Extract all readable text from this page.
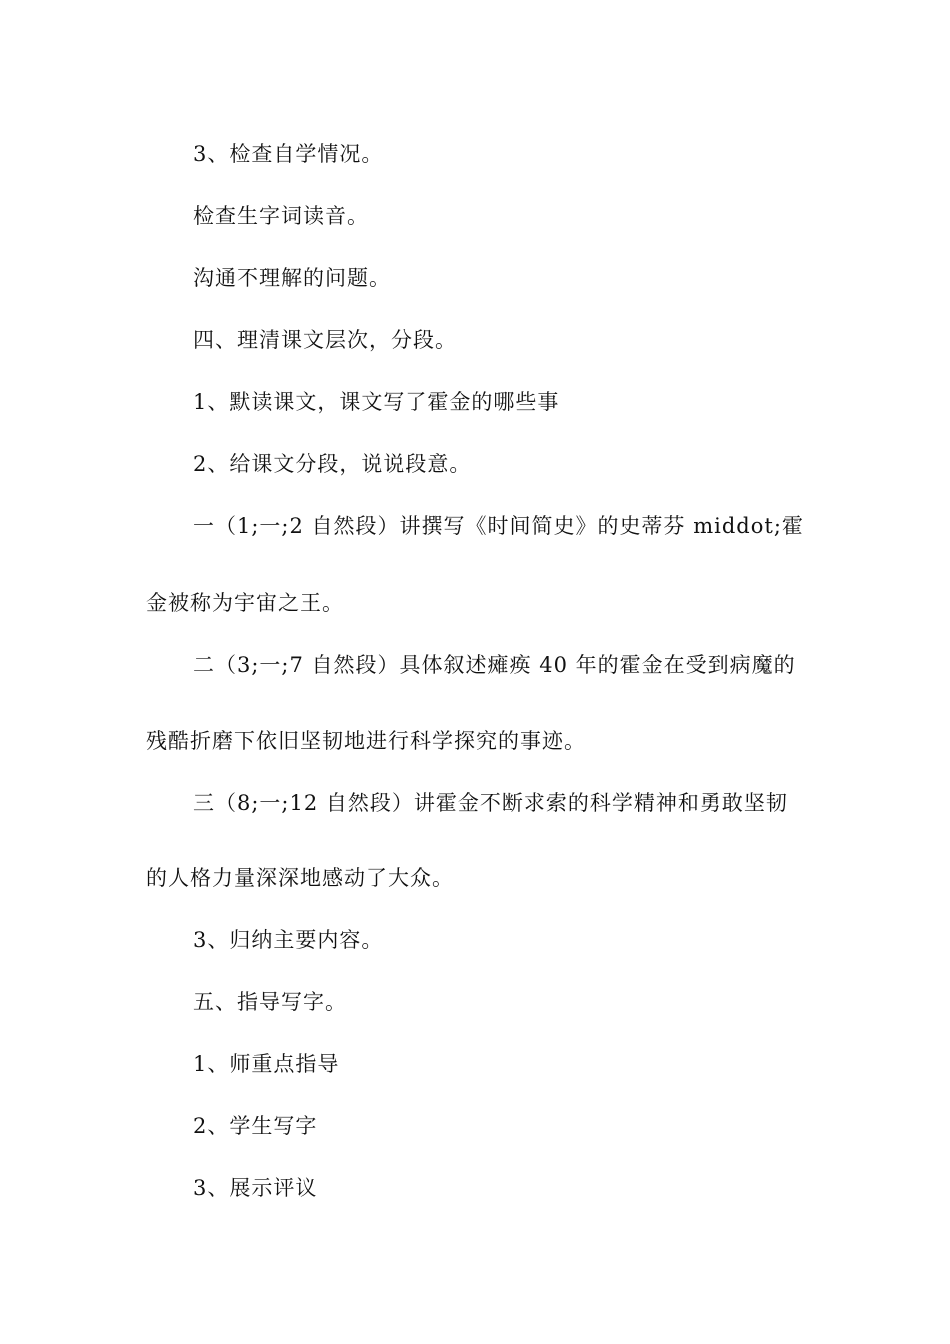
3、检查自学情况。
检查生字词读音。
沟通不理解的问题。
四、理清课文层次，分段。
1、默读课文，课文写了霍金的哪些事
2、给课文分段，说说段意。
一（1;一;2 自然段）讲撰写《时间简史》的史蒂芬 middot;霍
金被称为宇宙之王。
二（3;一;7 自然段）具体叙述瘫痪 40 年的霍金在受到病魔的
残酷折磨下依旧坚韧地进行科学探究的事迹。
三（8;一;12 自然段）讲霍金不断求索的科学精神和勇敢坚韧
的人格力量深深地感动了大众。
3、归纳主要内容。
五、指导写字。
1、师重点指导
2、学生写字
3、展示评议
